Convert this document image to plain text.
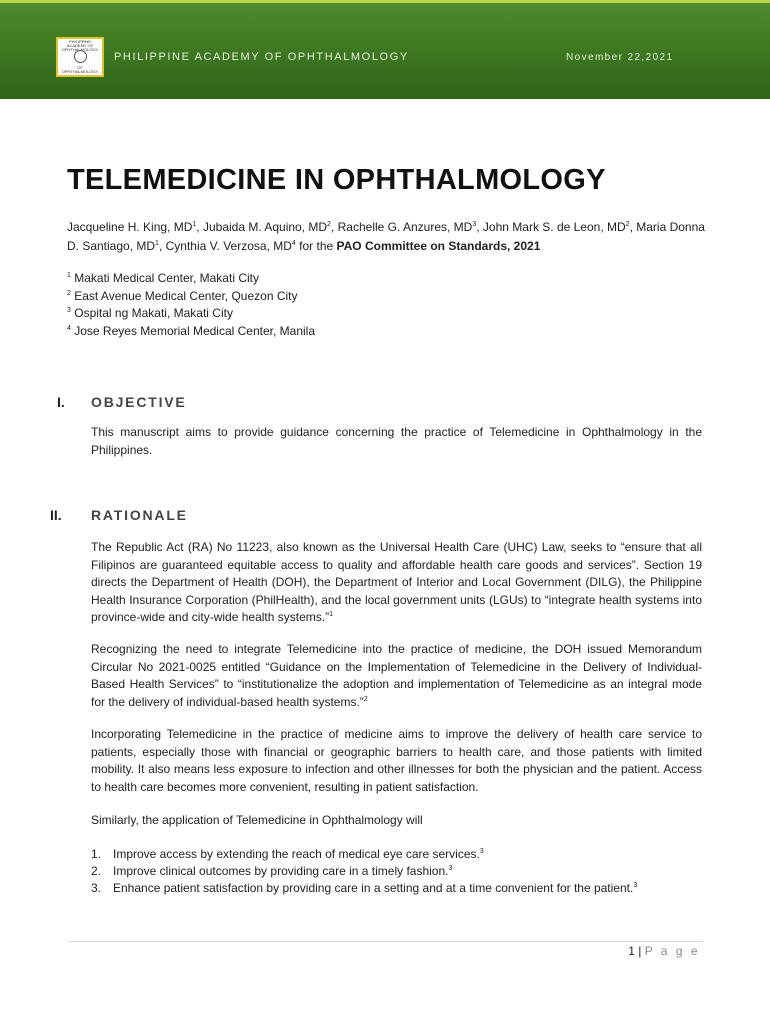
PHILIPPINE ACADEMY OF OPHTHALMOLOGY
OF OPHTHALMOLOGY
PHILIPPINE ACADEMY OF OPHTHALMOLOGY	November 22,2021
TELEMEDICINE IN OPHTHALMOLOGY
Jacqueline H. King, $MD^1$, Jubaida M. Aquino, $MD^2$, Rachelle G. Anzures, $MD^3$, John Mark S. de Leon, $MD^2$, Maria Donna D. Santiago, $MD^1$, Cynthia V. Verzosa, $MD^4$ for the PAO Committee on Standards, 2021
$^1$ Makati Medical Center, Makati City
$^2$ East Avenue Medical Center, Quezon City
$^3$ Ospital ng Makati, Makati City
$^4$ Jose Reyes Memorial Medical Center, Manila
I. OBJECTIVE

This manuscript aims to provide guidance concerning the practice of Telemedicine in Ophthalmology in the Philippines.

II. RATIONALE

The Republic Act (RA) No 11223, also known as the Universal Health Care (UHC) Law, seeks to “ensure that all Filipinos are guaranteed equitable access to quality and affordable health care goods and services”. Section 19 directs the Department of Health (DOH), the Department of Interior and Local Government (DILG), the Philippine Health Insurance Corporation (PhilHealth), and the local government units (LGUs) to “integrate health systems into province-wide and city-wide health systems.”$^1$

Recognizing the need to integrate Telemedicine into the practice of medicine, the DOH issued Memorandum Circular No 2021-0025 entitled “Guidance on the Implementation of Telemedicine in the Delivery of Individual-Based Health Services” to “institutionalize the adoption and implementation of Telemedicine as an integral mode for the delivery of individual-based health systems.”$^2$

Incorporating Telemedicine in the practice of medicine aims to improve the delivery of health care service to patients, especially those with financial or geographic barriers to health care, and those patients with limited mobility. It also means less exposure to infection and other illnesses for both the physician and the patient. Access to health care becomes more convenient, resulting in patient satisfaction.

Similarly, the application of Telemedicine in Ophthalmology will

1. Improve access by extending the reach of medical eye care services.$^3$
2. Improve clinical outcomes by providing care in a timely fashion.$^3$
3. Enhance patient satisfaction by providing care in a setting and at a time convenient for the patient.$^3$
1 | P a g e
